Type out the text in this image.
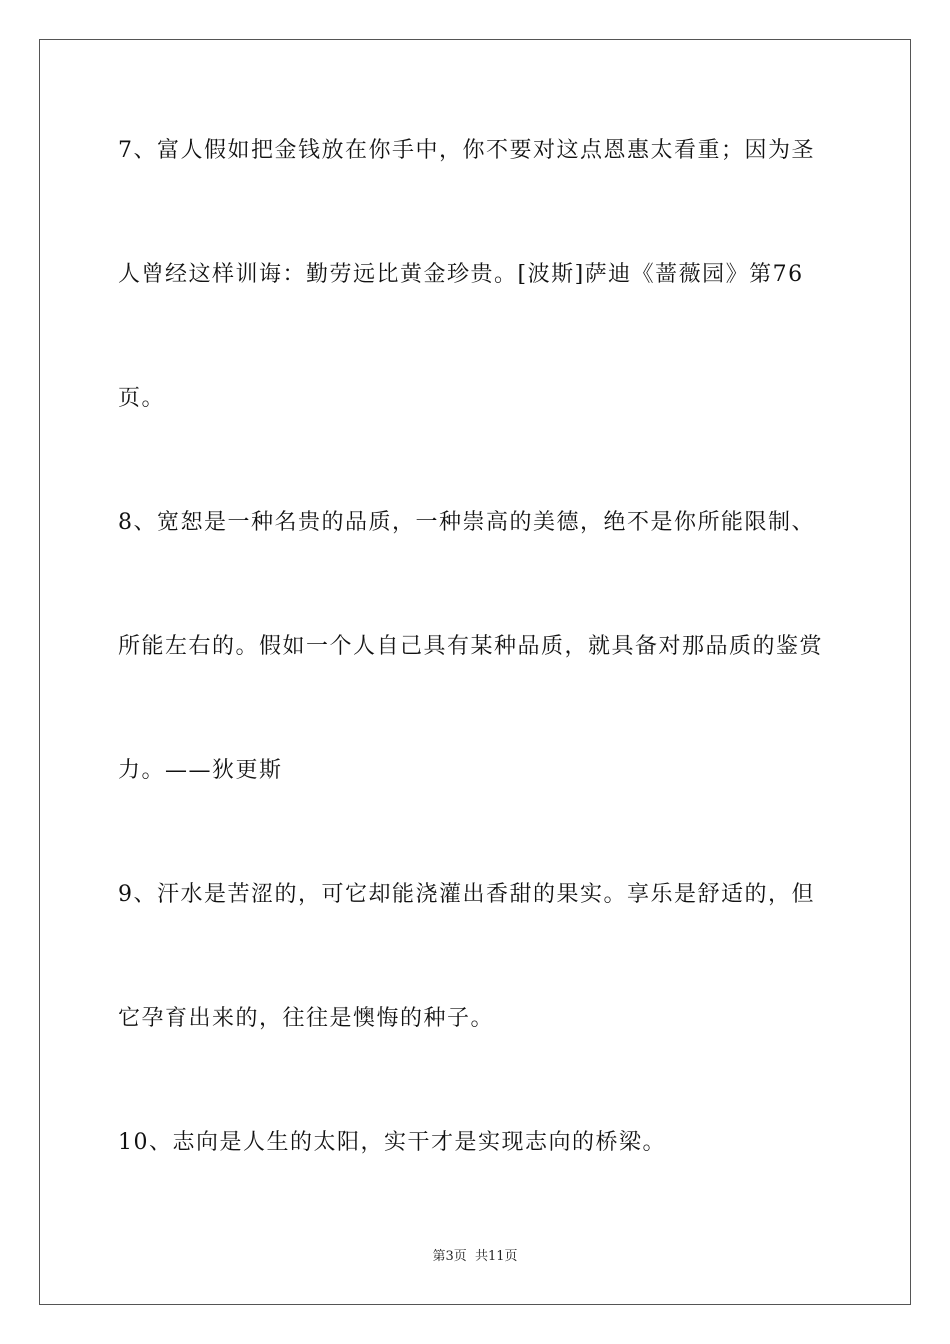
7、富人假如把金钱放在你手中，你不要对这点恩惠太看重；因为圣
人曾经这样训诲：勤劳远比黄金珍贵。[波斯]萨迪《蔷薇园》第76
页。
8、宽恕是一种名贵的品质，一种崇高的美德，绝不是你所能限制、
所能左右的。假如一个人自己具有某种品质，就具备对那品质的鉴赏
力。——狄更斯
9、汗水是苦涩的，可它却能浇灌出香甜的果实。享乐是舒适的，但
它孕育出来的，往往是懊悔的种子。
10、志向是人生的太阳，实干才是实现志向的桥梁。
第3页 共11页
